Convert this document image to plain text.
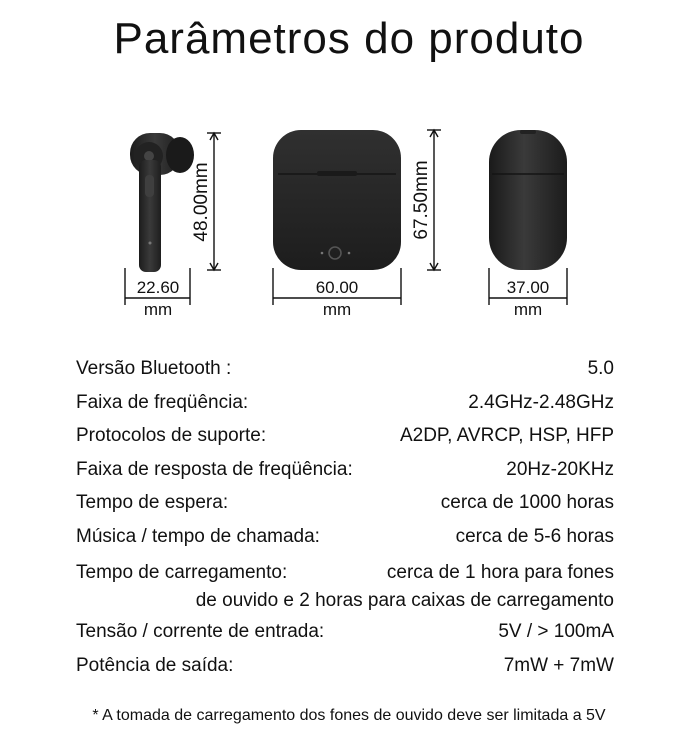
Parâmetros do produto
48.00mm
22.60
mm
67.50mm
60.00
mm
37.00
mm
Versão Bluetooth :	5.0
Faixa de freqüência:	2.4GHz-2.48GHz
Protocolos de suporte:	A2DP, AVRCP, HSP, HFP
Faixa de resposta de freqüência:	20Hz-20KHz
Tempo de espera:	cerca de 1000 horas
Música / tempo de chamada:	cerca de 5-6 horas
Tempo de carregamento:	cerca de 1 hora para fones
de ouvido e 2 horas para caixas de carregamento
Tensão / corrente de entrada:	5V / > 100mA
Potência de saída:	7mW + 7mW
* A tomada de carregamento dos fones de ouvido deve ser limitada a 5V
